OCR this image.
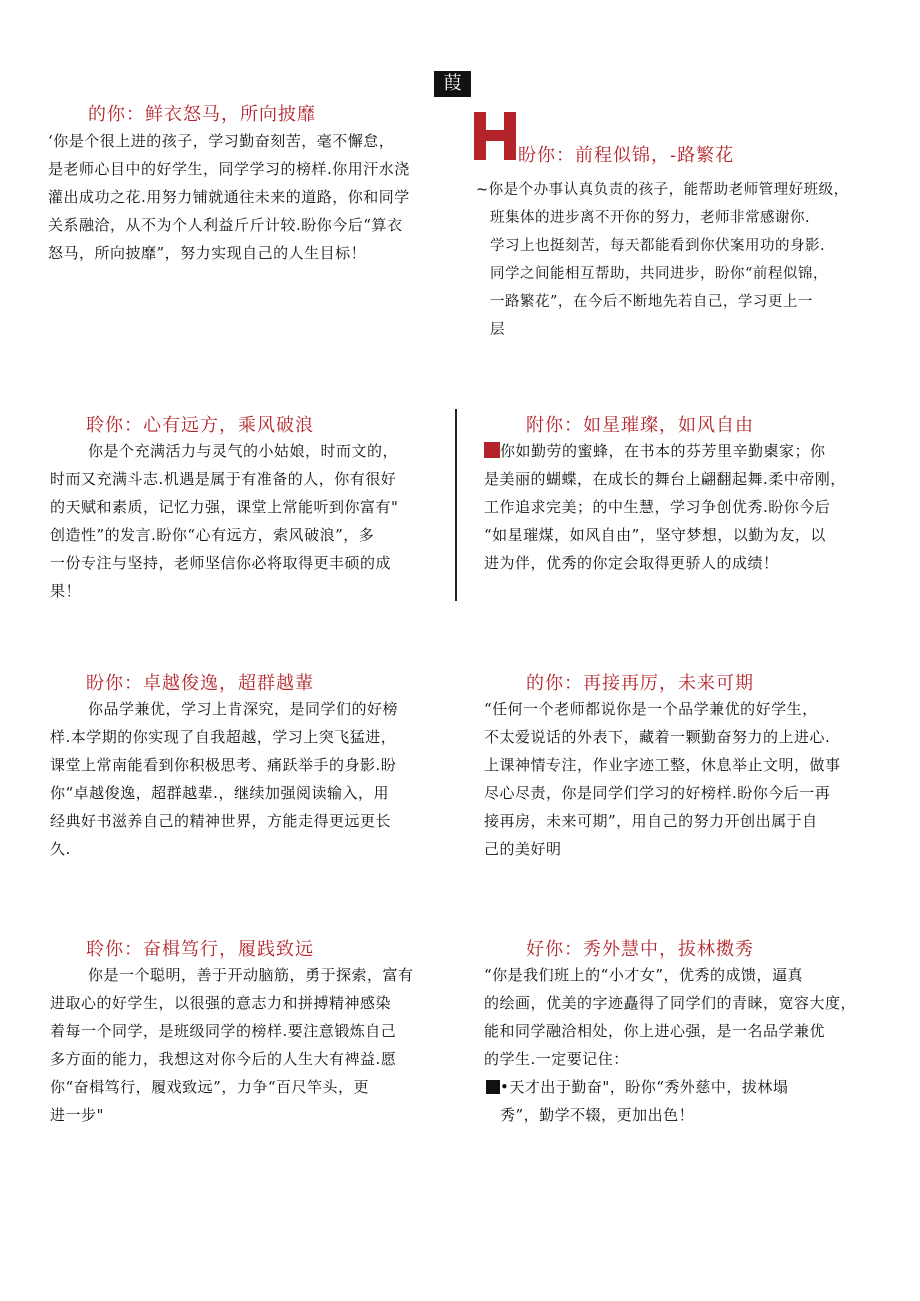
葭
的你：鲜衣怒马，所向披靡
‘你是个很上进的孩子，学习勤奋刻苦，毫不懈怠，
是老师心目中的好学生，同学学习的榜样.你用汗水浇
灌出成功之花.用努力铺就通往未来的道路，你和同学
关系融洽，从不为个人利益斤斤计较.盼你今后“算衣
怒马，所向披靡”，努力实现自己的人生目标！
盼你：前程似锦，-路繁花
~你是个办事认真负责的孩子，能帮助老师管理好班级，
班集体的进步离不开你的努力，老师非常感谢你.
学习上也挺刻苦，每天都能看到你伏案用功的身影.
同学之间能相互帮助，共同进步，盼你“前程似锦，
一路繁花”，在今后不断地先若自己，学习更上一
层
聆你：心有远方，乘风破浪
你是个充满活力与灵气的小姑娘，时而文的，
时而又充满斗志.机遇是属于有准备的人，你有很好
的天赋和素质，记忆力强，课堂上常能听到你富有"
创造性”的发言.盼你“心有远方，索风破浪”，多
一份专注与坚持，老师坚信你必将取得更丰硕的成
果！
附你：如星璀璨，如风自由
你如勤劳的蜜蜂，在书本的芬芳里辛勤㮚家；你
是美丽的蝴蝶，在成长的舞台上翩翻起舞.柔中帝刚，
工作追求完美；的中生慧，学习争创优秀.盼你今后
“如星璀煤，如风自由”，坚守梦想，以勤为友，以
进为伴，优秀的你定会取得更骄人的成绩！
盼你：卓越俊逸，超群越輩
你品学兼优，学习上肯深究，是同学们的好榜
样.本学期的你实现了自我超越，学习上突飞猛进，
课堂上常南能看到你积极思考、痛跃举手的身影.盼
你“卓越俊逸，超群越辈.，继续加强阅读输入，用
经典好书滋养自己的精神世界，方能走得更远更长
久.
的你：再接再厉，未来可期
“任何一个老师都说你是一个品学兼优的好学生，
不太爱说话的外表下，藏着一颗勤奋努力的上进心.
上课神情专注，作业字迹工整，休息举止文明，做事
尽心尽责，你是同学们学习的好榜样.盼你今后一再
接再房，未来可期”，用自己的努力开创出属于自
己的美好明
聆你：奋楫笃行，履践致远
你是一个聪明，善于开动脑筋，勇于探索，富有
进取心的好学生，以很强的意志力和拼搏精神感染
着每一个同学，是班级同学的榜样.要注意锻炼自己
多方面的能力，我想这对你今后的人生大有裨益.愿
你“奋楫笃行，履戏致远”，力争“百尺竿头，更
进一步"
好你：秀外慧中，拔林擞秀
“你是我们班上的“小才女”，优秀的成馈，逼真
的绘画，优美的字迹矗得了同学们的青睐，宽容大度，
能和同学融洽相处，你上进心强，是一名品学兼优
的学生.一定要记住：
•天才出于勤奋"，盼你“秀外慈中，拔林塌
秀”，勤学不辍，更加出色！
